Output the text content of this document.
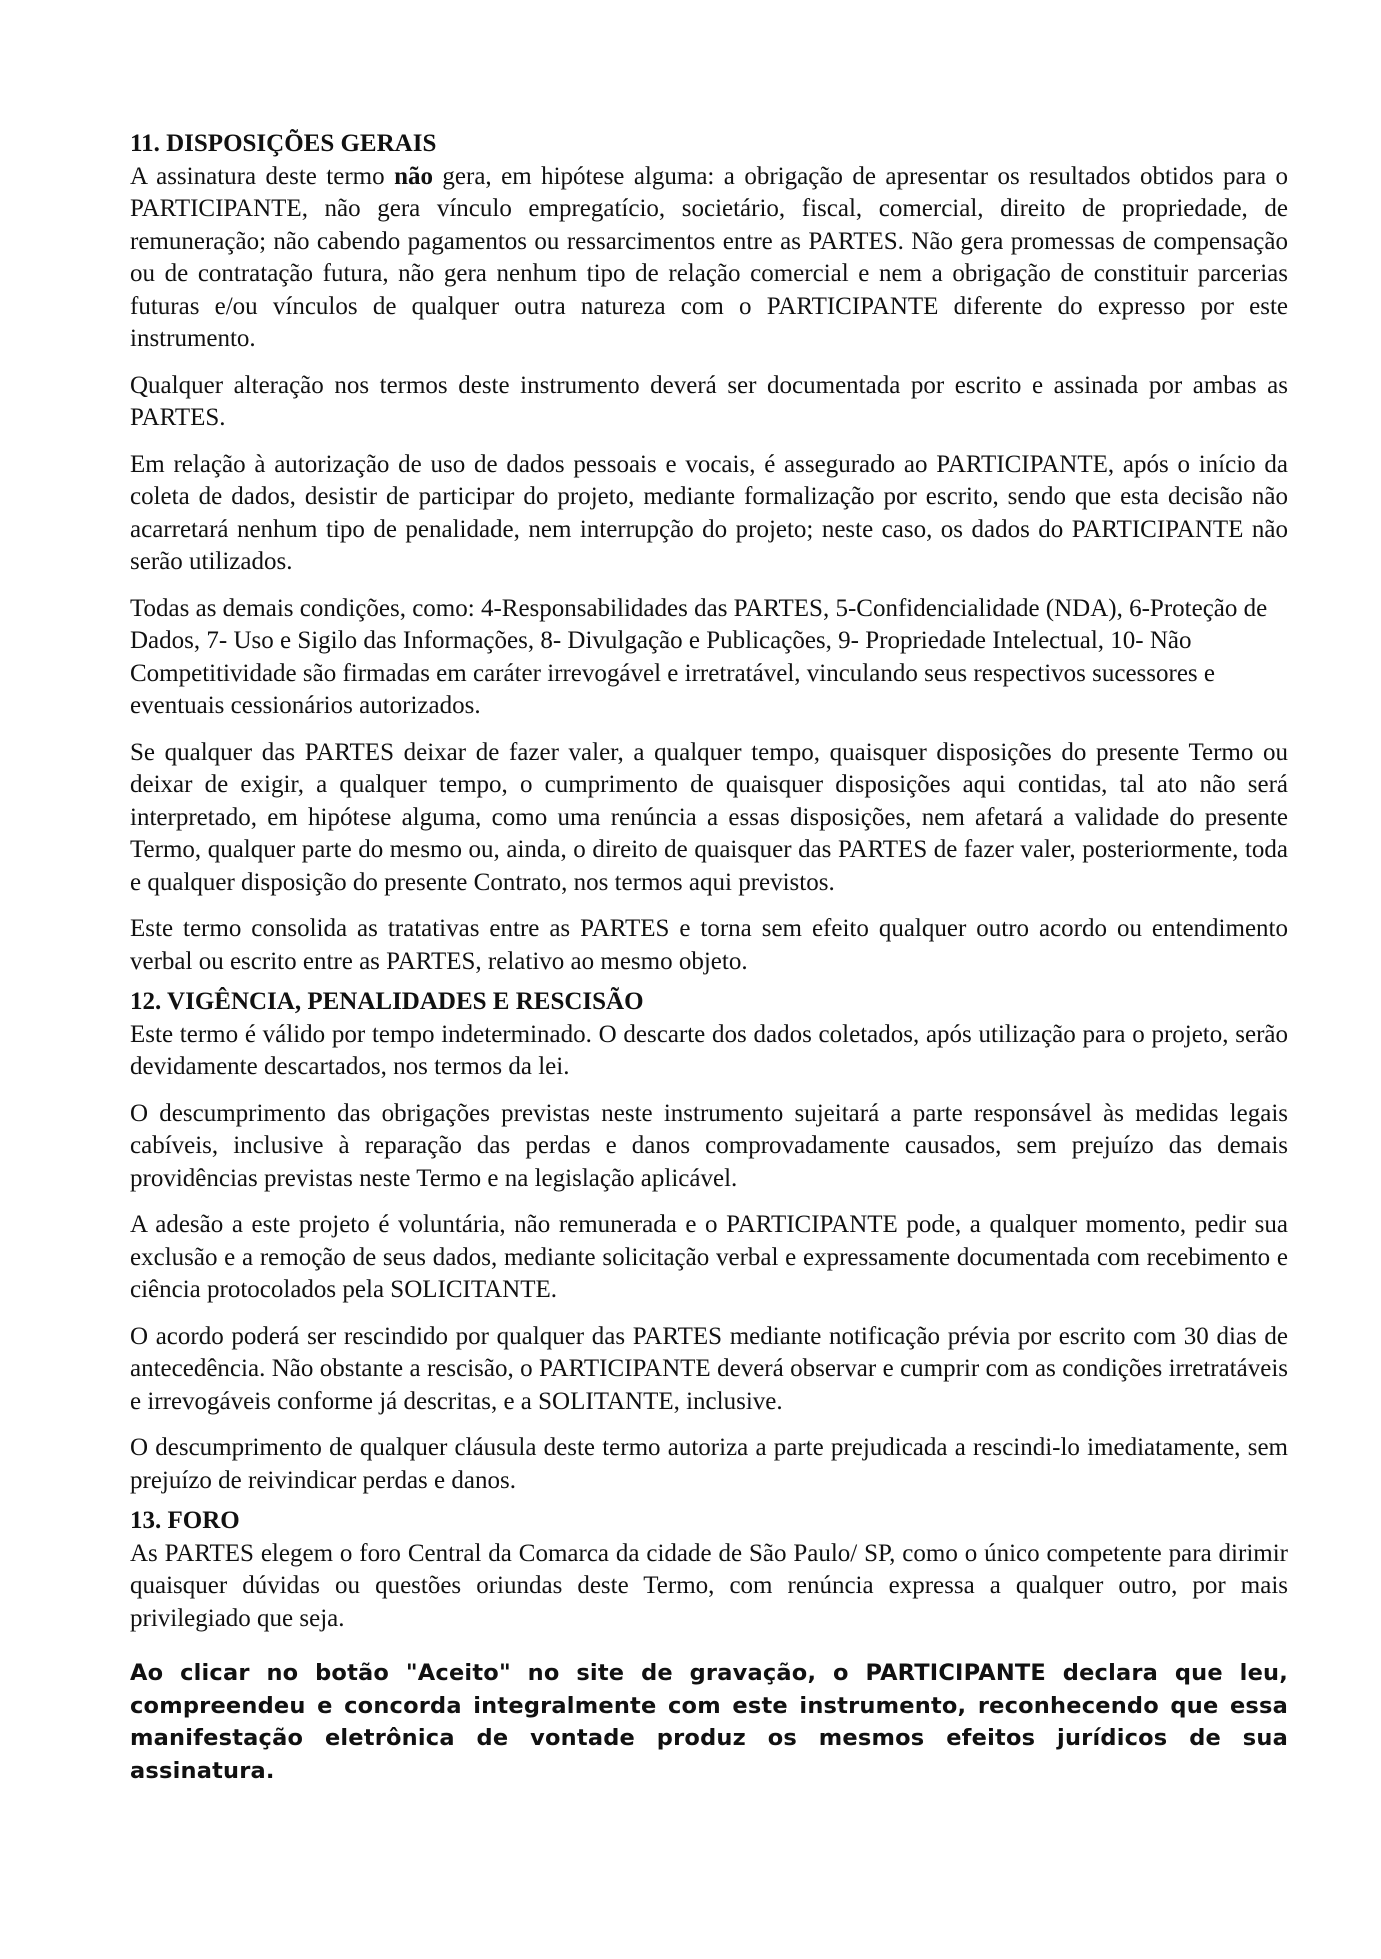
11. DISPOSIÇÕES GERAIS

A assinatura deste termo não gera, em hipótese alguma: a obrigação de apresentar os resultados obtidos para o PARTICIPANTE, não gera vínculo empregatício, societário, fiscal, comercial, direito de propriedade, de remuneração; não cabendo pagamentos ou ressarcimentos entre as PARTES. Não gera promessas de compensação ou de contratação futura, não gera nenhum tipo de relação comercial e nem a obrigação de constituir parcerias futuras e/ou vínculos de qualquer outra natureza com o PARTICIPANTE diferente do expresso por este instrumento.

Qualquer alteração nos termos deste instrumento deverá ser documentada por escrito e assinada por ambas as PARTES.

Em relação à autorização de uso de dados pessoais e vocais, é assegurado ao PARTICIPANTE, após o início da coleta de dados, desistir de participar do projeto, mediante formalização por escrito, sendo que esta decisão não acarretará nenhum tipo de penalidade, nem interrupção do projeto; neste caso, os dados do PARTICIPANTE não serão utilizados.

Todas as demais condições, como: 4-Responsabilidades das PARTES, 5-Confidencialidade (NDA), 6-Proteção de Dados, 7- Uso e Sigilo das Informações, 8- Divulgação e Publicações, 9- Propriedade Intelectual, 10- Não Competitividade são firmadas em caráter irrevogável e irretratável, vinculando seus respectivos sucessores e eventuais cessionários autorizados.

Se qualquer das PARTES deixar de fazer valer, a qualquer tempo, quaisquer disposições do presente Termo ou deixar de exigir, a qualquer tempo, o cumprimento de quaisquer disposições aqui contidas, tal ato não será interpretado, em hipótese alguma, como uma renúncia a essas disposições, nem afetará a validade do presente Termo, qualquer parte do mesmo ou, ainda, o direito de quaisquer das PARTES de fazer valer, posteriormente, toda e qualquer disposição do presente Contrato, nos termos aqui previstos.

Este termo consolida as tratativas entre as PARTES e torna sem efeito qualquer outro acordo ou entendimento verbal ou escrito entre as PARTES, relativo ao mesmo objeto.

12. VIGÊNCIA, PENALIDADES E RESCISÃO

Este termo é válido por tempo indeterminado. O descarte dos dados coletados, após utilização para o projeto, serão devidamente descartados, nos termos da lei.

O descumprimento das obrigações previstas neste instrumento sujeitará a parte responsável às medidas legais cabíveis, inclusive à reparação das perdas e danos comprovadamente causados, sem prejuízo das demais providências previstas neste Termo e na legislação aplicável.

A adesão a este projeto é voluntária, não remunerada e o PARTICIPANTE pode, a qualquer momento, pedir sua exclusão e a remoção de seus dados, mediante solicitação verbal e expressamente documentada com recebimento e ciência protocolados pela SOLICITANTE.

O acordo poderá ser rescindido por qualquer das PARTES mediante notificação prévia por escrito com 30 dias de antecedência. Não obstante a rescisão, o PARTICIPANTE deverá observar e cumprir com as condições irretratáveis e irrevogáveis conforme já descritas, e a SOLITANTE, inclusive.

O descumprimento de qualquer cláusula deste termo autoriza a parte prejudicada a rescindi-lo imediatamente, sem prejuízo de reivindicar perdas e danos.

13. FORO

As PARTES elegem o foro Central da Comarca da cidade de São Paulo/ SP, como o único competente para dirimir quaisquer dúvidas ou questões oriundas deste Termo, com renúncia expressa a qualquer outro, por mais privilegiado que seja.

Ao clicar no botão "Aceito" no site de gravação, o PARTICIPANTE declara que leu, compreendeu e concorda integralmente com este instrumento, reconhecendo que essa manifestação eletrônica de vontade produz os mesmos efeitos jurídicos de sua assinatura.
